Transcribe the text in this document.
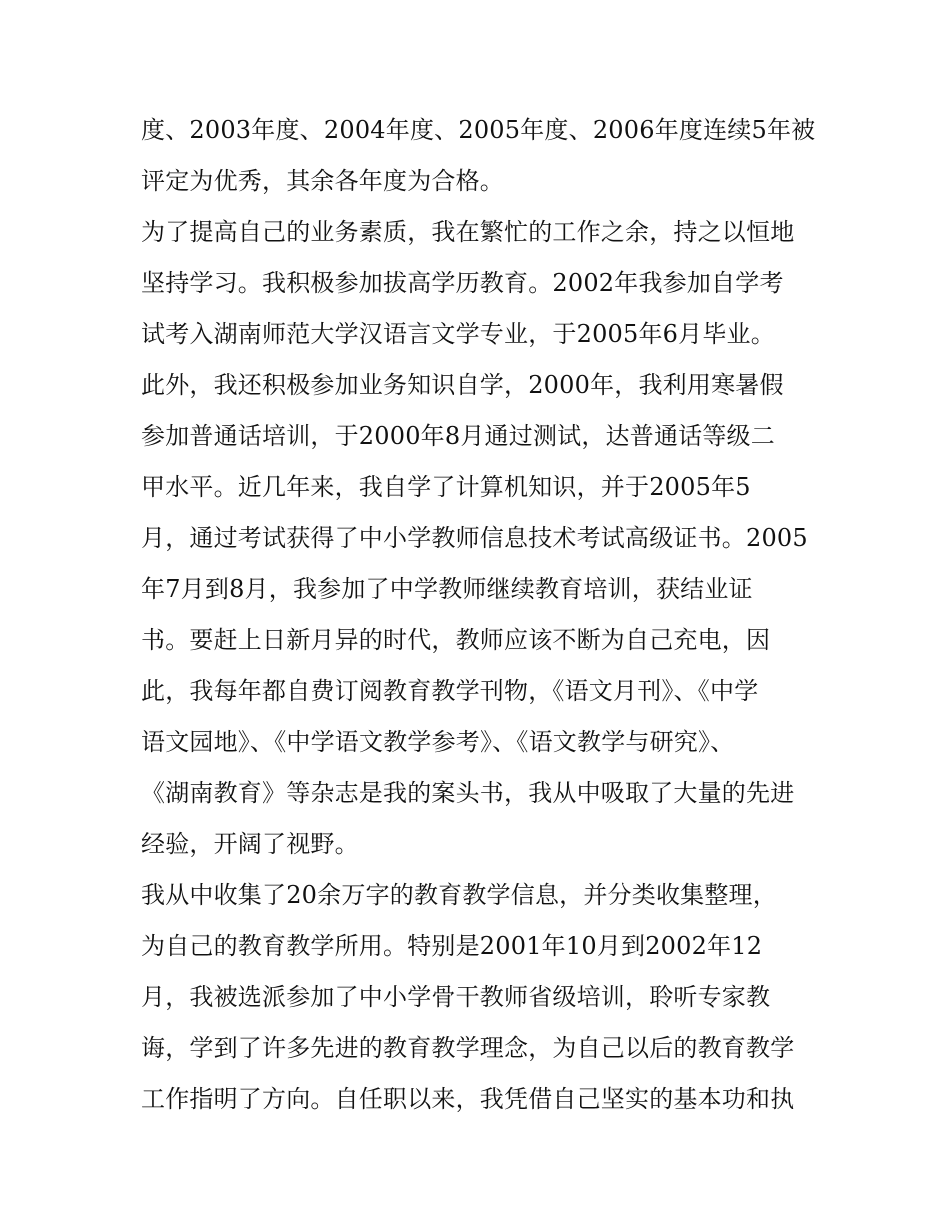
度、2003年度、2004年度、2005年度、2006年度连续5年被
评定为优秀，其余各年度为合格。
为了提高自己的业务素质，我在繁忙的工作之余，持之以恒地
坚持学习。我积极参加拔高学历教育。2002年我参加自学考
试考入湖南师范大学汉语言文学专业，于2005年6月毕业。
此外，我还积极参加业务知识自学，2000年，我利用寒暑假
参加普通话培训，于2000年8月通过测试，达普通话等级二
甲水平。近几年来，我自学了计算机知识，并于2005年5
月，通过考试获得了中小学教师信息技术考试高级证书。2005
年7月到8月，我参加了中学教师继续教育培训，获结业证
书。要赶上日新月异的时代，教师应该不断为自己充电，因
此，我每年都自费订阅教育教学刊物，《语文月刊》、《中学
语文园地》、《中学语文教学参考》、《语文教学与研究》、
《湖南教育》等杂志是我的案头书，我从中吸取了大量的先进
经验，开阔了视野。
我从中收集了20余万字的教育教学信息，并分类收集整理，
为自己的教育教学所用。特别是2001年10月到2002年12
月，我被选派参加了中小学骨干教师省级培训，聆听专家教
诲，学到了许多先进的教育教学理念，为自己以后的教育教学
工作指明了方向。自任职以来，我凭借自己坚实的基本功和执
